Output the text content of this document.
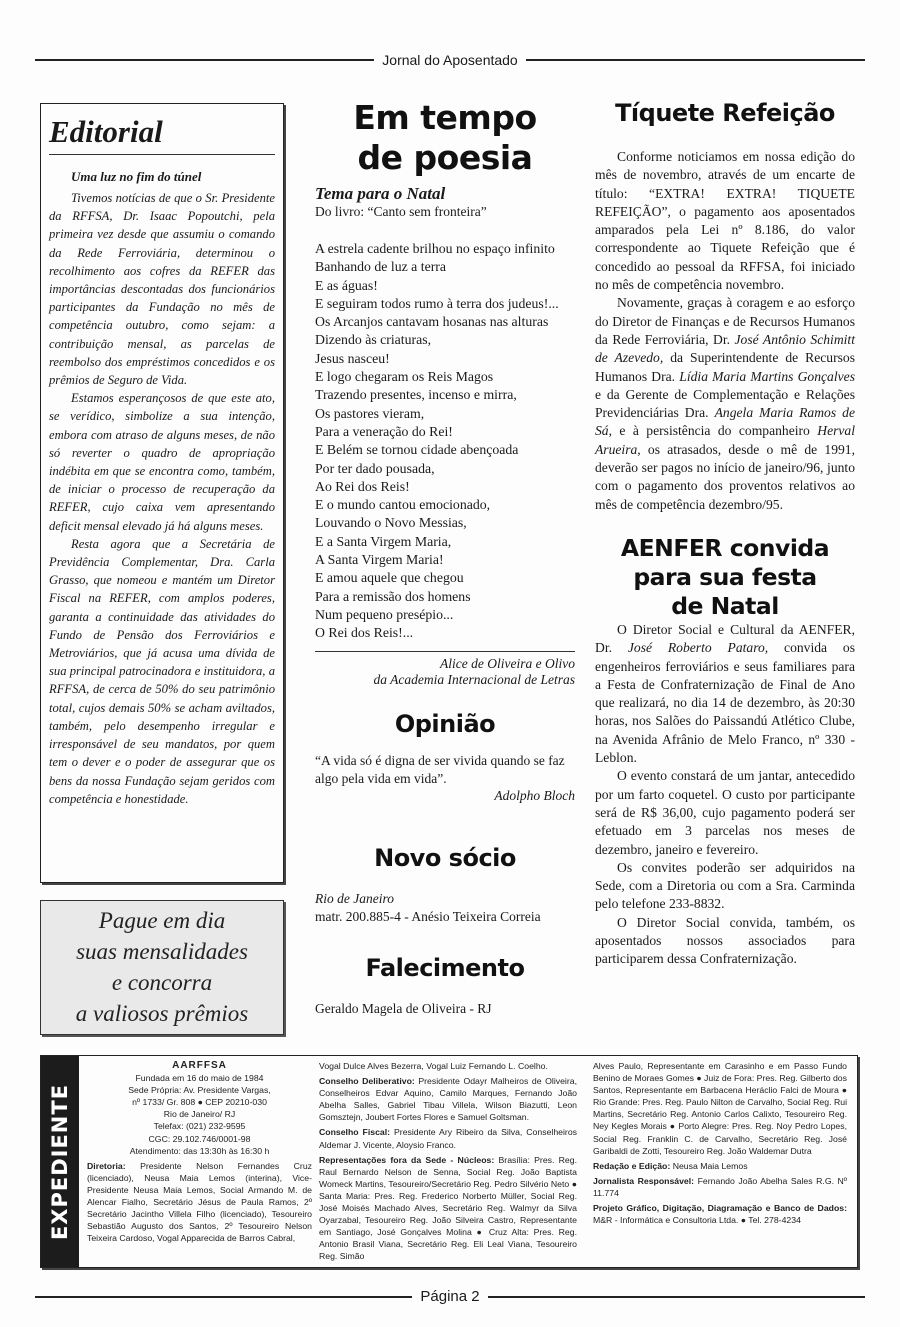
Jornal do Aposentado
Editorial
Uma luz no fim do túnel

Tivemos notícias de que o Sr. Presidente da RFFSA, Dr. Isaac Popoutchi, pela primeira vez desde que assumiu o comando da Rede Ferroviária, determinou o recolhimento aos cofres da REFER das importâncias descontadas dos funcionários participantes da Fundação no mês de competência outubro, como sejam: a contribuição mensal, as parcelas de reembolso dos empréstimos concedidos e os prêmios de Seguro de Vida.

Estamos esperançosos de que este ato, se verídico, simbolize a sua intenção, embora com atraso de alguns meses, de não só reverter o quadro de apropriação indébita em que se encontra como, também, de iniciar o processo de recuperação da REFER, cujo caixa vem apresentando deficit mensal elevado já há alguns meses.

Resta agora que a Secretária de Previdência Complementar, Dra. Carla Grasso, que nomeou e mantém um Diretor Fiscal na REFER, com amplos poderes, garanta a continuidade das atividades do Fundo de Pensão dos Ferroviários e Metroviários, que já acusa uma dívida de sua principal patrocinadora e instituidora, a RFFSA, de cerca de 50% do seu patrimônio total, cujos demais 50% se acham aviltados, também, pelo desempenho irregular e irresponsável de seu mandatos, por quem tem o dever e o poder de assegurar que os bens da nossa Fundação sejam geridos com competência e honestidade.

Pague em dia
suas mensalidades
e concorra
a valiosos prêmios
Em tempo
de poesia
Tema para o Natal
Do livro: “Canto sem fronteira”
A estrela cadente brilhou no espaço infinito
Banhando de luz a terra
E as águas!
E seguiram todos rumo à terra dos judeus!...
Os Arcanjos cantavam hosanas nas alturas
Dizendo às criaturas,
Jesus nasceu!
E logo chegaram os Reis Magos
Trazendo presentes, incenso e mirra,
Os pastores vieram,
Para a veneração do Rei!
E Belém se tornou cidade abençoada
Por ter dado pousada,
Ao Rei dos Reis!
E o mundo cantou emocionado,
Louvando o Novo Messias,
E a Santa Virgem Maria,
A Santa Virgem Maria!
E amou aquele que chegou
Para a remissão dos homens
Num pequeno presépio...
O Rei dos Reis!...
Alice de Oliveira e Olivo
da Academia Internacional de Letras
Opinião
“A vida só é digna de ser vivida quando se faz algo pela vida em vida”.
Adolpho Bloch
Novo sócio
Rio de Janeiro
matr. 200.885-4 - Anésio Teixeira Correia
Falecimento
Geraldo Magela de Oliveira - RJ
Tíquete Refeição

Conforme noticiamos em nossa edição do mês de novembro, através de um encarte de título: “EXTRA! EXTRA! TIQUETE REFEIÇÃO”, o pagamento aos aposentados amparados pela Lei nº 8.186, do valor correspondente ao Tiquete Refeição que é concedido ao pessoal da RFFSA, foi iniciado no mês de competência novembro.

Novamente, graças à coragem e ao esforço do Diretor de Finanças e de Recursos Humanos da Rede Ferroviária, Dr. José Antônio Schimitt de Azevedo, da Superintendente de Recursos Humanos Dra. Lídia Maria Martins Gonçalves e da Gerente de Complementação e Relações Previdenciárias Dra. Angela Maria Ramos de Sá, e à persistência do companheiro Herval Arueira, os atrasados, desde o mê de 1991, deverão ser pagos no início de janeiro/96, junto com o pagamento dos proventos relativos ao mês de competência dezembro/95.

AENFER convida
para sua festa
de Natal

O Diretor Social e Cultural da AENFER, Dr. José Roberto Pataro, convida os engenheiros ferroviários e seus familiares para a Festa de Confraternização de Final de Ano que realizará, no dia 14 de dezembro, às 20:30 horas, nos Salões do Paissandú Atlético Clube, na Avenida Afrânio de Melo Franco, nº 330 - Leblon.

O evento constará de um jantar, antecedido por um farto coquetel. O custo por participante será de R$ 36,00, cujo pagamento poderá ser efetuado em 3 parcelas nos meses de dezembro, janeiro e fevereiro.

Os convites poderão ser adquiridos na Sede, com a Diretoria ou com a Sra. Carminda pelo telefone 233-8832.

O Diretor Social convida, também, os aposentados nossos associados para participarem dessa Confraternização.

EXPEDIENTE
AARFFSA
Fundada em 16 do maio de 1984
Sede Própria: Av. Presidente Vargas,
nº 1733/ Gr. 808 ● CEP 20210-030
Rio de Janeiro/ RJ
Telefax: (021) 232-9595
CGC: 29.102.746/0001-98
Atendimento: das 13:30h às 16:30 h
Diretoria: Presidente Nelson Fernandes Cruz (licenciado), Neusa Maia Lemos (interina), Vice-Presidente Neusa Maia Lemos, Social Armando M. de Alencar Fialho, Secretário Jésus de Paula Ramos, 2º Secretário Jacintho Villela Filho (licenciado), Tesoureiro Sebastião Augusto dos Santos, 2º Tesoureiro Nelson Teixeira Cardoso, Vogal Apparecida de Barros Cabral,
Vogal Dulce Alves Bezerra, Vogal Luiz Fernando L. Coelho.
Conselho Deliberativo: Presidente Odayr Malheiros de Oliveira, Conselheiros Edvar Aquino, Camilo Marques, Fernando João Abelha Salles, Gabriel Tibau Villela, Wilson Biazutti, Leon Gomsztejn, Joubert Fortes Flores e Samuel Goltsman.
Conselho Fiscal: Presidente Ary Ribeiro da Silva, Conselheiros Aldemar J. Vicente, Aloysio Franco.
Representações fora da Sede - Núcleos: Brasília: Pres. Reg. Raul Bernardo Nelson de Senna, Social Reg. João Baptista Womeck Martins, Tesoureiro/Secretário Reg. Pedro Silvério Neto ● Santa Maria: Pres. Reg. Frederico Norberto Müller, Social Reg. José Moisés Machado Alves, Secretário Reg. Walmyr da Silva Oyarzabal, Tesoureiro Reg. João Silveira Castro, Representante em Santiago, José Gonçalves Molina ● Cruz Alta: Pres. Reg. Antonio Brasil Viana, Secretário Reg. Eli Leal Viana, Tesoureiro Reg. Simão
Alves Paulo, Representante em Carasinho e em Passo Fundo Benino de Moraes Gomes ● Juiz de Fora: Pres. Reg. Gilberto dos Santos, Representante em Barbacena Heráclio Falci de Moura ● Rio Grande: Pres. Reg. Paulo Nilton de Carvalho, Social Reg. Rui Martins, Secretário Reg. Antonio Carlos Calixto, Tesoureiro Reg. Ney Kegles Morais ● Porto Alegre: Pres. Reg. Noy Pedro Lopes, Social Reg. Franklin C. de Carvalho, Secretário Reg. José Garibaldi de Zotti, Tesoureiro Reg. João Waldemar Dutra
Redação e Edição: Neusa Maia Lemos
Jornalista Responsável: Fernando João Abelha Sales R.G. Nº 11.774
Projeto Gráfico, Digitação, Diagramação e Banco de Dados: M&R - Informática e Consultoria Ltda. ● Tel. 278-4234
Página 2
